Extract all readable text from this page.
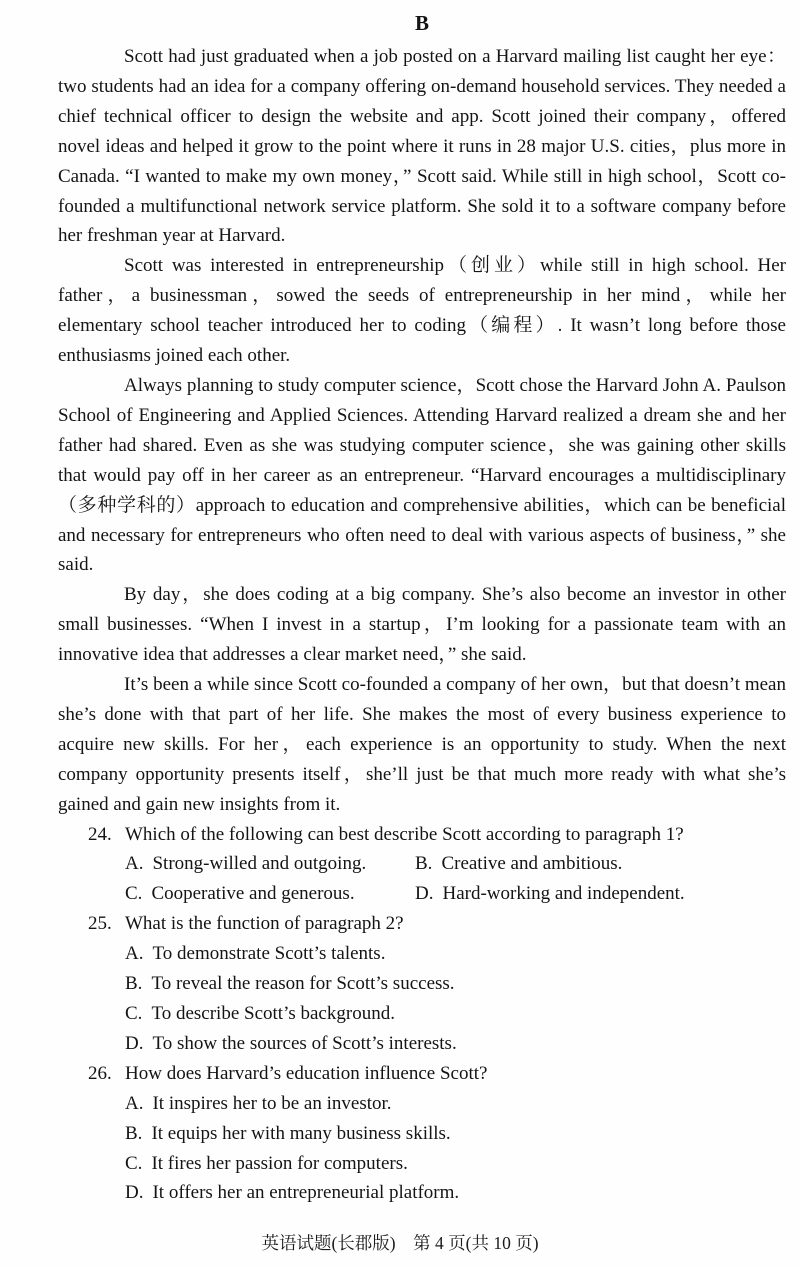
B

Scott had just graduated when a job posted on a Harvard mailing list caught her eye：two students had an idea for a company offering on-demand household services. They needed a chief technical officer to design the website and app. Scott joined their company，offered novel ideas and helped it grow to the point where it runs in 28 major U.S. cities，plus more in Canada. “I wanted to make my own money，” Scott said. While still in high school，Scott co-founded a multifunctional network service platform. She sold it to a software company before her freshman year at Harvard.

Scott was interested in entrepreneurship（创业）while still in high school. Her father，a businessman，sowed the seeds of entrepreneurship in her mind，while her elementary school teacher introduced her to coding（编程）. It wasn’t long before those enthusiasms joined each other.

Always planning to study computer science，Scott chose the Harvard John A. Paulson School of Engineering and Applied Sciences. Attending Harvard realized a dream she and her father had shared. Even as she was studying computer science，she was gaining other skills that would pay off in her career as an entrepreneur. “Harvard encourages a multidisciplinary（多种学科的）approach to education and comprehensive abilities，which can be beneficial and necessary for entrepreneurs who often need to deal with various aspects of business，” she said.

By day，she does coding at a big company. She’s also become an investor in other small businesses. “When I invest in a startup，I’m looking for a passionate team with an innovative idea that addresses a clear market need，” she said.

It’s been a while since Scott co-founded a company of her own，but that doesn’t mean she’s done with that part of her life. She makes the most of every business experience to acquire new skills. For her，each experience is an opportunity to study. When the next company opportunity presents itself，she’ll just be that much more ready with what she’s gained and gain new insights from it.

24. Which of the following can best describe Scott according to paragraph 1?
A. Strong-willed and outgoing.	B. Creative and ambitious.
C. Cooperative and generous.	D. Hard-working and independent.
25. What is the function of paragraph 2?
A. To demonstrate Scott’s talents.
B. To reveal the reason for Scott’s success.
C. To describe Scott’s background.
D. To show the sources of Scott’s interests.
26. How does Harvard’s education influence Scott?
A. It inspires her to be an investor.
B. It equips her with many business skills.
C. It fires her passion for computers.
D. It offers her an entrepreneurial platform.
英语试题(长郡版)　第 4 页(共 10 页)
